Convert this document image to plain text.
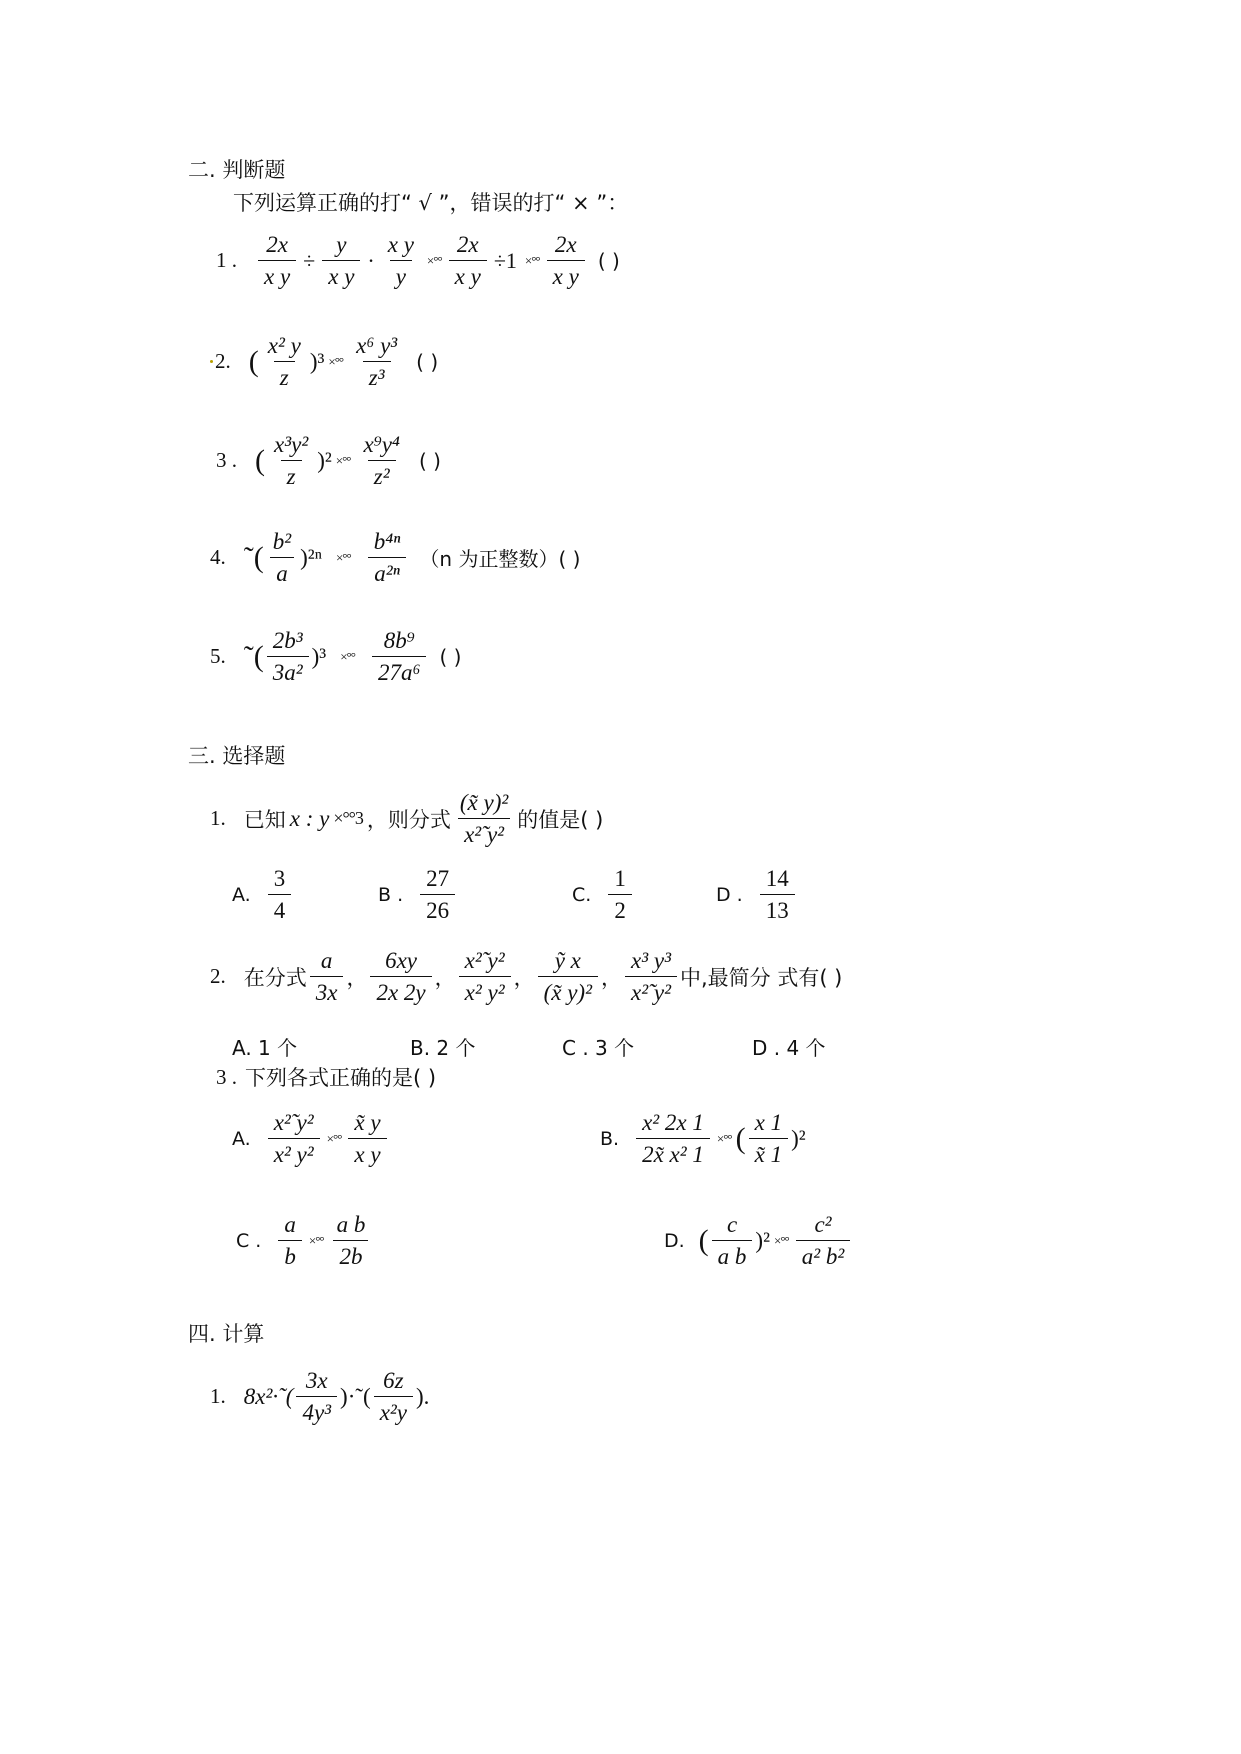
二. 判断题
下列运算正确的打“ √ ”，错误的打“ × ”：
1 . $\frac{2x}{\text{x y}} \div \frac{y}{\text{x y}} \cdot \frac{\text{x y}}{y}$ ×°° $\frac{2x}{\text{x y}} \div 1$ ×°° $\frac{2x}{\text{x y}}$ ( )
2. ( $\frac{\text{x² y}}{z} )^3$ ×°° $\frac{\text{x⁶ y³}}{\text{z³}}$ ( )
3 . ( $\frac{\text{x³y²}}{z} )^2$ ×°° $\frac{\text{x⁹y⁴}}{\text{z²}}$ ( )
4. ˜( $\frac{\text{b²}}{a} )^{2n}$ ×°° $\frac{\text{b⁴ⁿ}}{\text{a²ⁿ}} (n$ 为正整数）( )
5. ˜( $\frac{\text{2b³}}{\text{3a²}} )^3$ ×°° $\frac{\text{8b⁹}}{\text{27a⁶}}$ ( )
三. 选择题
1. 已知 x : y ×°°3 ，则分式 $\frac{\text{(x̃ y)²}}{\text{x²̃ y²}}$ 的值是( )
A. $\frac{3}{4}$	B . $\frac{27}{26}$	C. $\frac{1}{2}$	D . $\frac{14}{13}$
2. 在分式 $\frac{a}{3x}$ ， $\frac{6xy}{2x 2y}$ ， $\frac{\text{x²̃ y²}}{\text{x² y²}}$ ， $\frac{\text{ỹ x}}{\text{(x̃ y)²}}$ ， $\frac{\text{x³ y³}}{\text{x²̃ y²}}$ 中,最简分 式有( )
A. 1 个	B. 2 个	C . 3 个	D . 4 个
3 . 下列各式正确的是( )
A. $\frac{\text{x²̃ y²}}{\text{x² y²}}$ ×°° $\frac{x̃ y}{\text{x y}}$	B. $\frac{\text{x² 2x 1}}{\text{2x̃ x² 1}}$ ×°° ( $\frac{x 1}{x̃ 1} )^2$
C . $\frac{a}{b}$ ×°° $\frac{\text{a b}}{2b}$	D. ( $\frac{c}{\text{a b}} )^2$ ×°° $\frac{\text{c²}}{\text{a² b²}}$
四. 计算
1. 8x²·˜( $\frac{3x}{\text{4y³}}$ )·˜( $\frac{6z}{\text{x²y}}$ ).
